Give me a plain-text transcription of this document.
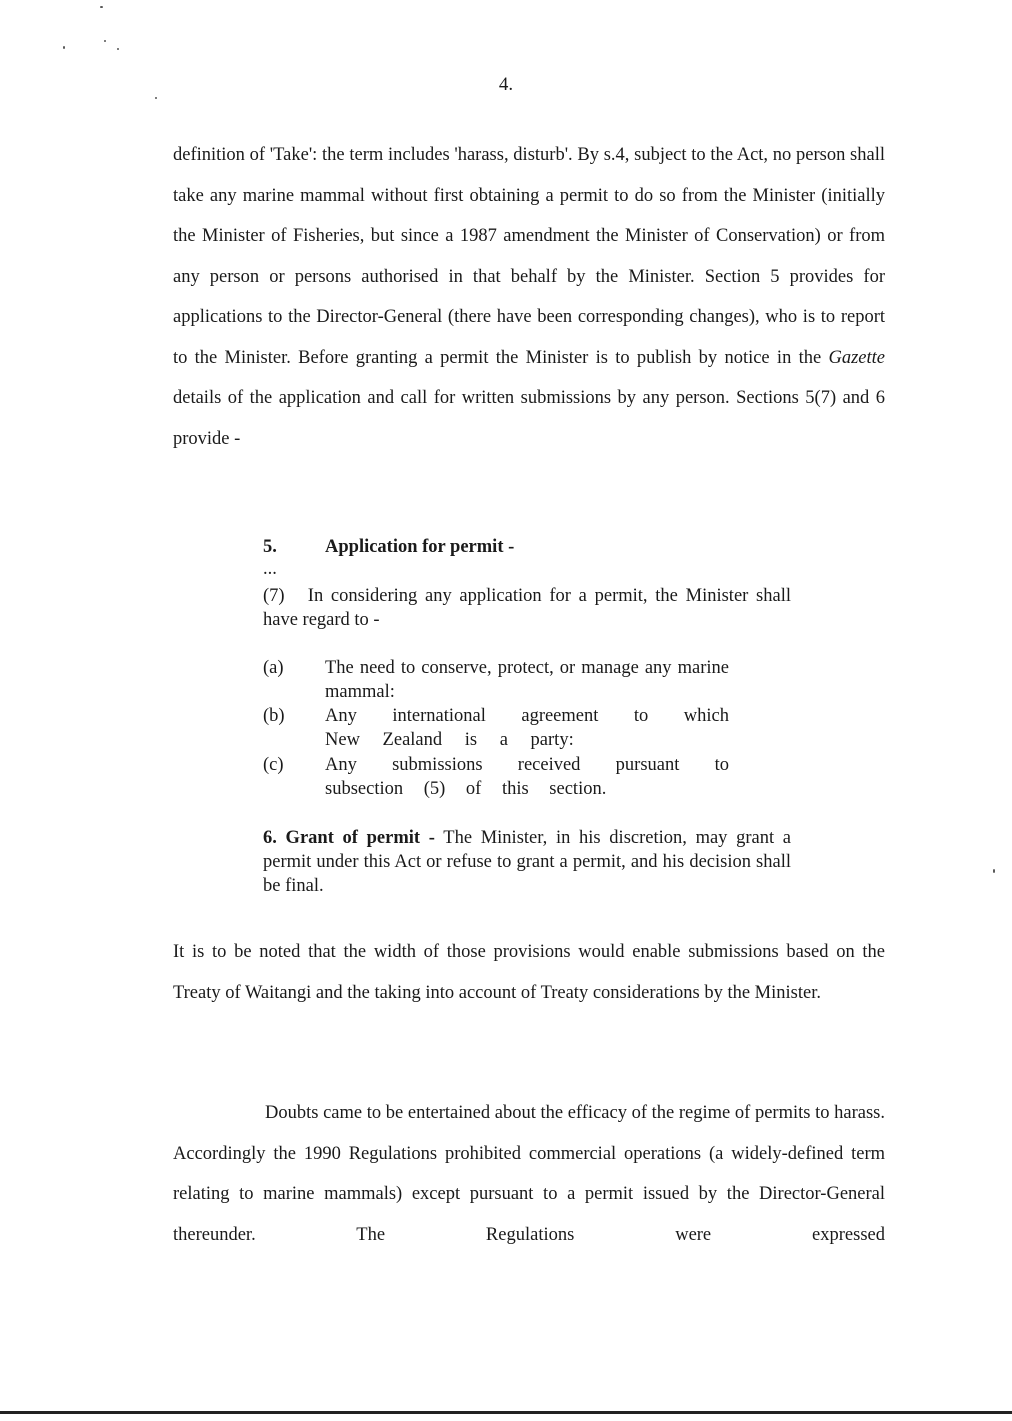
4.

definition of 'Take': the term includes 'harass, disturb'. By s.4, subject to the Act, no person shall take any marine mammal without first obtaining a permit to do so from the Minister (initially the Minister of Fisheries, but since a 1987 amendment the Minister of Conservation) or from any person or persons authorised in that behalf by the Minister. Section 5 provides for applications to the Director-General (there have been corresponding changes), who is to report to the Minister. Before granting a permit the Minister is to publish by notice in the Gazette details of the application and call for written submissions by any person. Sections 5(7) and 6 provide -

5.	Application for permit -
...

(7)   In considering any application for a permit, the Minister shall have regard to -

(a)	The need to conserve, protect, or manage any marine mammal:
(b)	Any international agreement to which New Zealand is a party:
(c)	Any submissions received pursuant to subsection (5) of this section.

6. Grant of permit - The Minister, in his discretion, may grant a permit under this Act or refuse to grant a permit, and his decision shall be final.

It is to be noted that the width of those provisions would enable submissions based on the Treaty of Waitangi and the taking into account of Treaty considerations by the Minister.

Doubts came to be entertained about the efficacy of the regime of permits to harass. Accordingly the 1990 Regulations prohibited commercial operations (a widely-defined term relating to marine mammals) except pursuant to a permit issued by the Director-General thereunder. The Regulations were expressed
